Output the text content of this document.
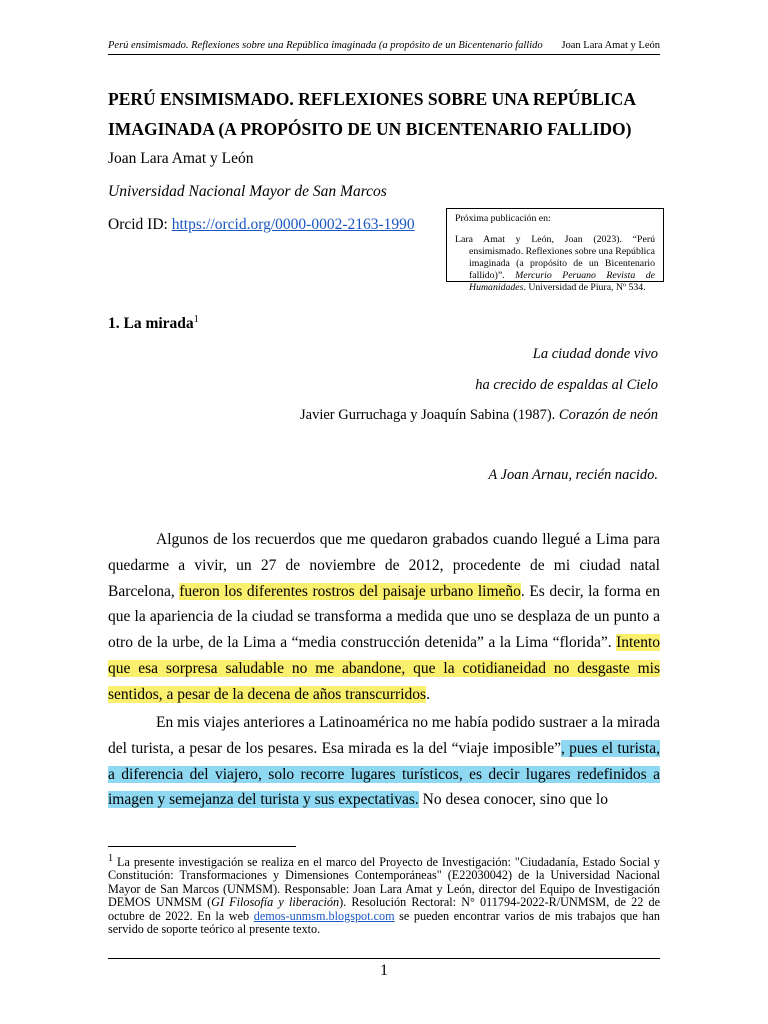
Perú ensimismado. Reflexiones sobre una República imaginada (a propósito de un Bicentenario fallido Joan Lara Amat y León
PERÚ ENSIMISMADO. REFLEXIONES SOBRE UNA REPÚBLICA
IMAGINADA (A PROPÓSITO DE UN BICENTENARIO FALLIDO)
Joan Lara Amat y León
Universidad Nacional Mayor de San Marcos
Orcid ID: https://orcid.org/0000-0002-2163-1990	Próxima publicación en:
Lara Amat y León, Joan (2023). “Perú ensimismado. Reflexiones sobre una República imaginada (a propósito de un Bicentenario fallido)”. Mercurio Peruano Revista de Humanidades. Universidad de Piura, Nº 534.
1. La mirada$^1$
La ciudad donde vivo
ha crecido de espaldas al Cielo
Javier Gurruchaga y Joaquín Sabina (1987). Corazón de neón
A Joan Arnau, recién nacido.

Algunos de los recuerdos que me quedaron grabados cuando llegué a Lima para quedarme a vivir, un 27 de noviembre de 2012, procedente de mi ciudad natal Barcelona, fueron los diferentes rostros del paisaje urbano limeño. Es decir, la forma en que la apariencia de la ciudad se transforma a medida que uno se desplaza de un punto a otro de la urbe, de la Lima a “media construcción detenida” a la Lima “florida”. Intento que esa sorpresa saludable no me abandone, que la cotidianeidad no desgaste mis sentidos, a pesar de la decena de años transcurridos.

En mis viajes anteriores a Latinoamérica no me había podido sustraer a la mirada del turista, a pesar de los pesares. Esa mirada es la del “viaje imposible”, pues el turista, a diferencia del viajero, solo recorre lugares turísticos, es decir lugares redefinidos a imagen y semejanza del turista y sus expectativas. No desea conocer, sino que lo

$^1$ La presente investigación se realiza en el marco del Proyecto de Investigación: "Ciudadanía, Estado Social y Constitución: Transformaciones y Dimensiones Contemporáneas" (E22030042) de la Universidad Nacional Mayor de San Marcos (UNMSM). Responsable: Joan Lara Amat y León, director del Equipo de Investigación DEMOS UNMSM (GI Filosofía y liberación). Resolución Rectoral: N° 011794-2022-R/UNMSM, de 22 de octubre de 2022. En la web demos-unmsm.blogspot.com se pueden encontrar varios de mis trabajos que han servido de soporte teórico al presente texto.

1
